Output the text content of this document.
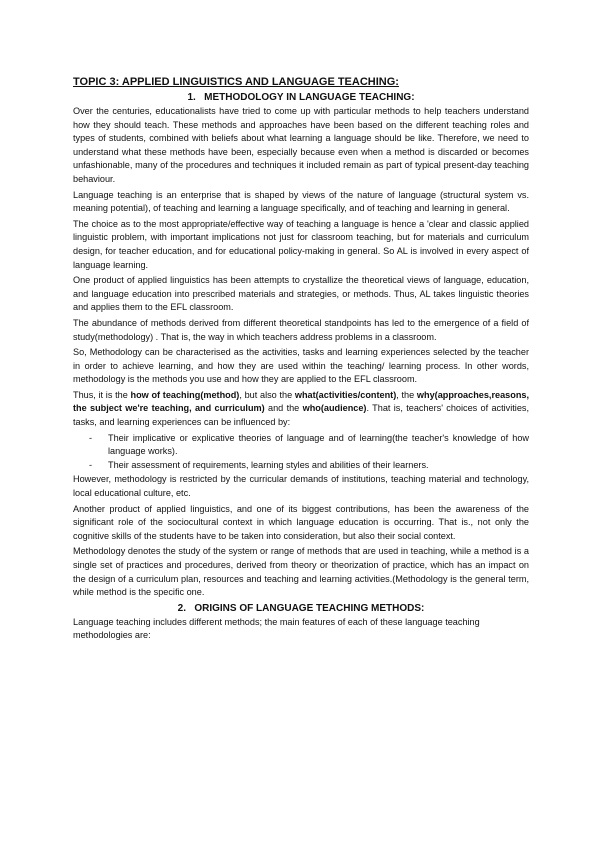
TOPIC 3: APPLIED LINGUISTICS AND LANGUAGE TEACHING:
1. METHODOLOGY IN LANGUAGE TEACHING:

Over the centuries, educationalists have tried to come up with particular methods to help teachers understand how they should teach. These methods and approaches have been based on the different teaching roles and types of students, combined with beliefs about what learning a language should be like. Therefore, we need to understand what these methods have been, especially because even when a method is discarded or becomes unfashionable, many of the procedures and techniques it included remain as part of typical present-day teaching behaviour.

Language teaching is an enterprise that is shaped by views of the nature of language (structural system vs. meaning potential), of teaching and learning a language specifically, and of teaching and learning in general.

The choice as to the most appropriate/effective way of teaching a language is hence a 'clear and classic applied linguistic problem, with important implications not just for classroom teaching, but for materials and curriculum design, for teacher education, and for educational policy-making in general. So AL is involved in every aspect of language learning.

One product of applied linguistics has been attempts to crystallize the theoretical views of language, education, and language education into prescribed materials and strategies, or methods. Thus, AL takes linguistic theories and applies them to the EFL classroom.

The abundance of methods derived from different theoretical standpoints has led to the emergence of a field of study(methodology) . That is, the way in which teachers address problems in a classroom.

So, Methodology can be characterised as the activities, tasks and learning experiences selected by the teacher in order to achieve learning, and how they are used within the teaching/ learning process. In other words, methodology is the methods you use and how they are applied to the EFL classroom.

Thus, it is the how of teaching(method), but also the what(activities/content), the why(approaches,reasons, the subject we're teaching, and curriculum) and the who(audience). That is, teachers' choices of activities, tasks, and learning experiences can be influenced by:

- Their implicative or explicative theories of language and of learning(the teacher's knowledge of how language works).
- Their assessment of requirements, learning styles and abilities of their learners.

However, methodology is restricted by the curricular demands of institutions, teaching material and technology, local educational culture, etc.

Another product of applied linguistics, and one of its biggest contributions, has been the awareness of the significant role of the sociocultural context in which language education is occurring. That is., not only the cognitive skills of the students have to be taken into consideration, but also their social context.

Methodology denotes the study of the system or range of methods that are used in teaching, while a method is a single set of practices and procedures, derived from theory or theorization of practice, which has an impact on the design of a curriculum plan, resources and teaching and learning activities.(Methodology is the general term, while method is the specific one.

2. ORIGINS OF LANGUAGE TEACHING METHODS:

Language teaching includes different methods; the main features of each of these language teaching methodologies are:
